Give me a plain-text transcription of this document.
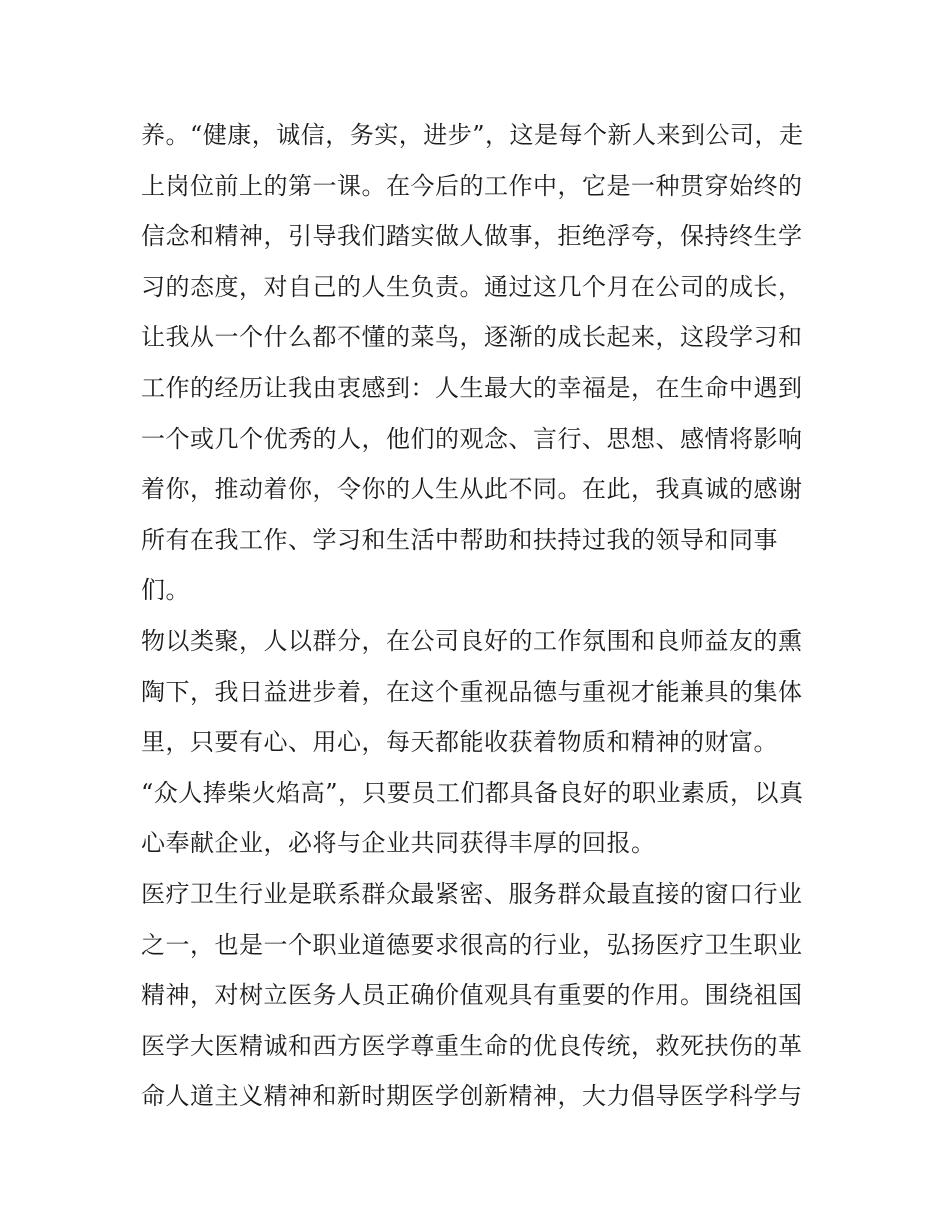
养。“健康，诚信，务实，进步”，这是每个新人来到公司，走
上岗位前上的第一课。在今后的工作中，它是一种贯穿始终的
信念和精神，引导我们踏实做人做事，拒绝浮夸，保持终生学
习的态度，对自己的人生负责。通过这几个月在公司的成长，
让我从一个什么都不懂的菜鸟，逐渐的成长起来，这段学习和
工作的经历让我由衷感到：人生最大的幸福是，在生命中遇到
一个或几个优秀的人，他们的观念、言行、思想、感情将影响
着你，推动着你，令你的人生从此不同。在此，我真诚的感谢
所有在我工作、学习和生活中帮助和扶持过我的领导和同事
们。
物以类聚，人以群分，在公司良好的工作氛围和良师益友的熏
陶下，我日益进步着，在这个重视品德与重视才能兼具的集体
里，只要有心、用心，每天都能收获着物质和精神的财富。
“众人捧柴火焰高”，只要员工们都具备良好的职业素质，以真
心奉献企业，必将与企业共同获得丰厚的回报。
医疗卫生行业是联系群众最紧密、服务群众最直接的窗口行业
之一，也是一个职业道德要求很高的行业，弘扬医疗卫生职业
精神，对树立医务人员正确价值观具有重要的作用。围绕祖国
医学大医精诚和西方医学尊重生命的优良传统，救死扶伤的革
命人道主义精神和新时期医学创新精神，大力倡导医学科学与
